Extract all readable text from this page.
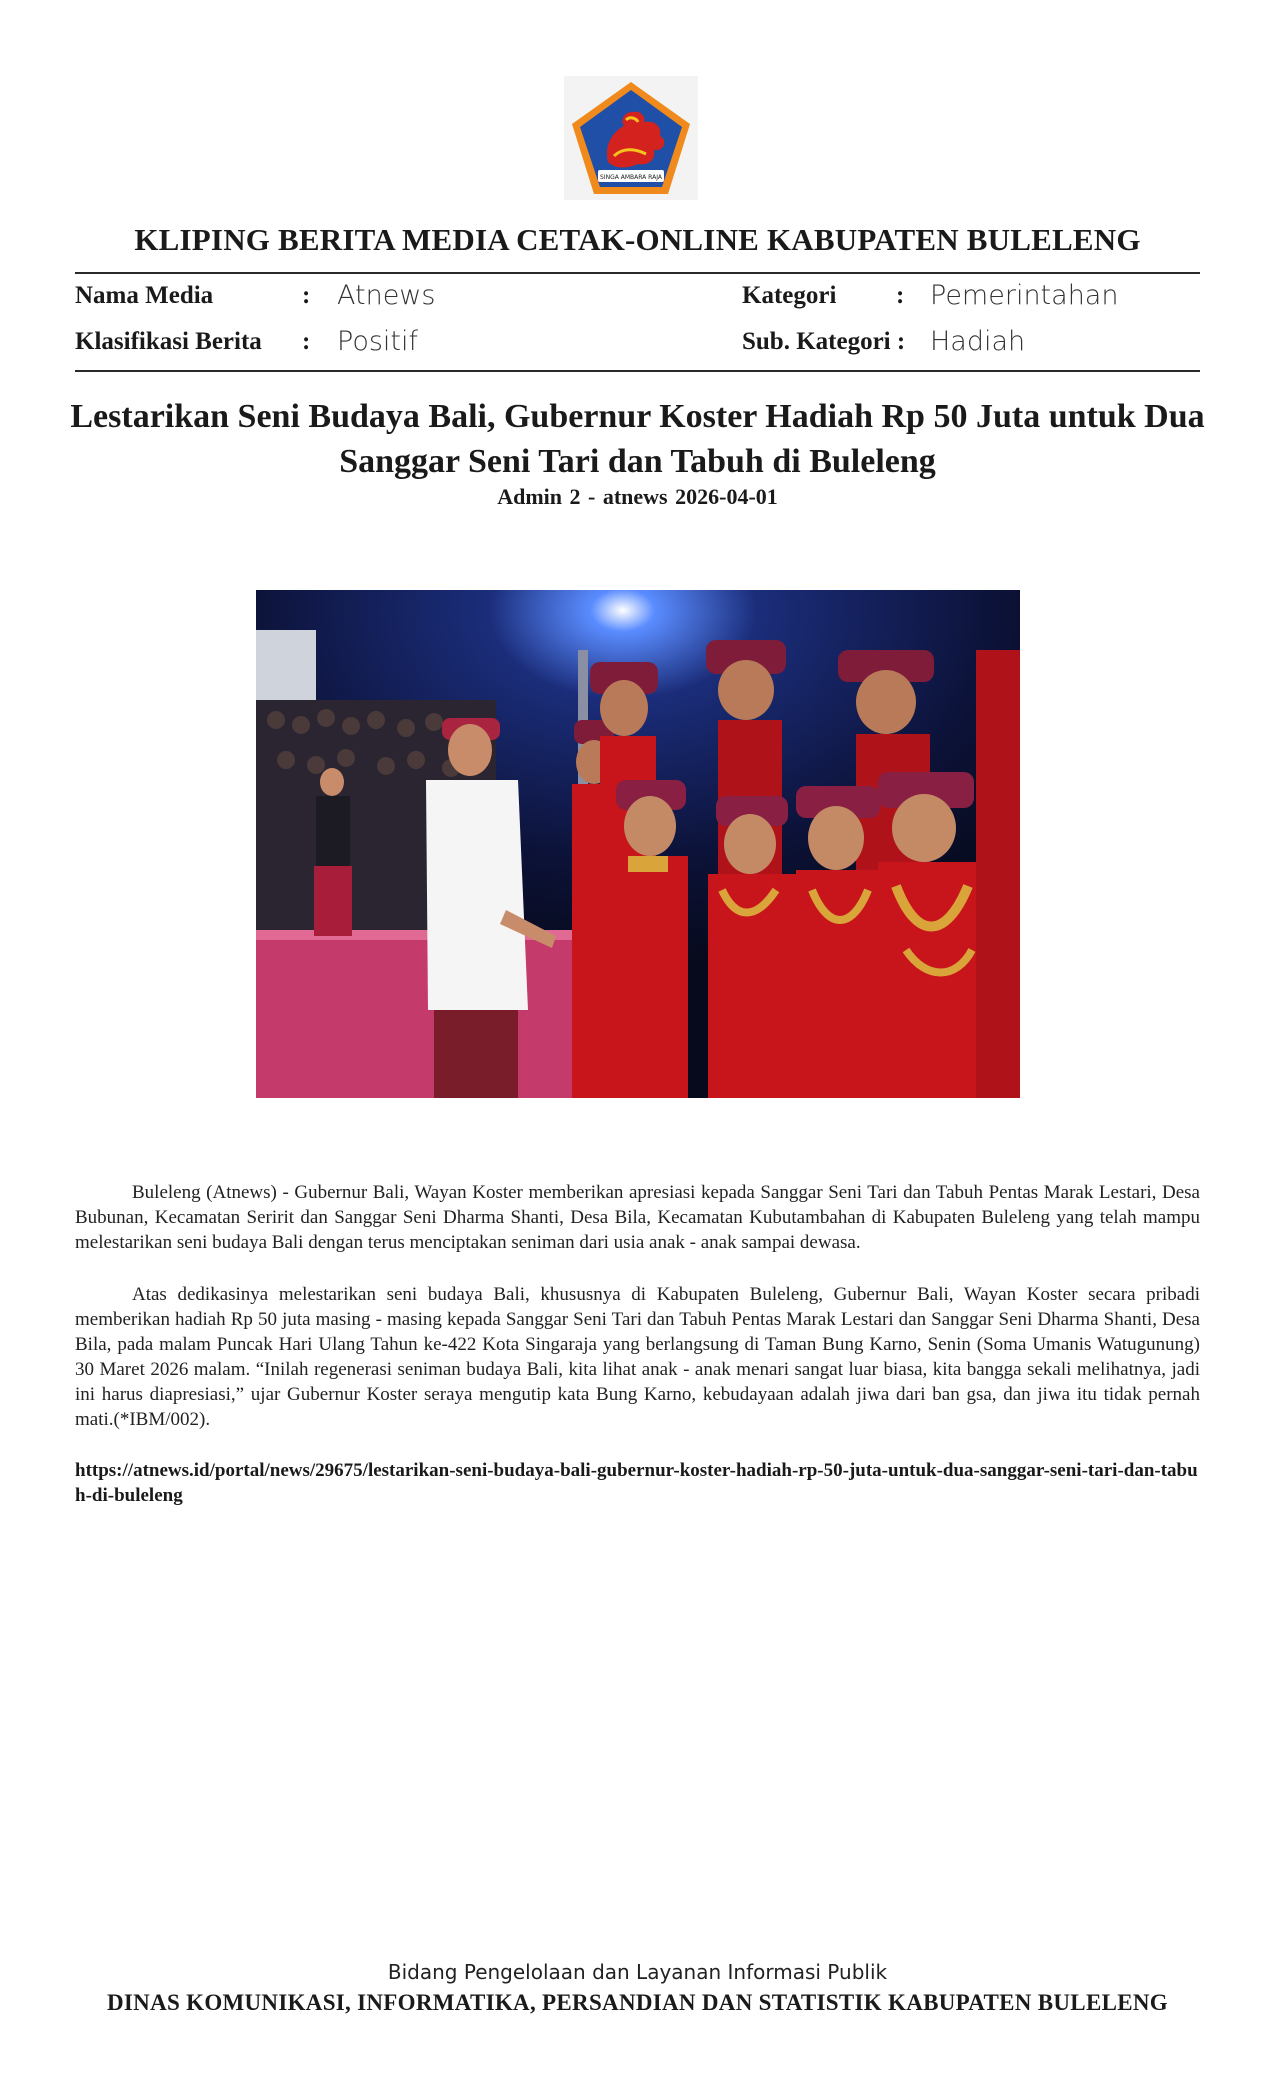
SINGA AMBARA RAJA
KLIPING BERITA MEDIA CETAK-ONLINE KABUPATEN BULELENG
Nama Media	: Atnews
Klasifikasi Berita : Positif
Kategori : Pemerintahan
Sub. Kategori : Hadiah
Lestarikan Seni Budaya Bali, Gubernur Koster Hadiah Rp 50 Juta untuk Dua Sanggar Seni Tari dan Tabuh di Buleleng
Admin 2 - atnews 2026-04-01

Buleleng (Atnews) - Gubernur Bali, Wayan Koster memberikan apresiasi kepada Sanggar Seni Tari dan Tabuh Pentas Marak Lestari, Desa Bubunan, Kecamatan Seririt dan Sanggar Seni Dharma Shanti, Desa Bila, Kecamatan Kubutambahan di Kabupaten Buleleng yang telah mampu melestarikan seni budaya Bali dengan terus menciptakan seniman dari usia anak - anak sampai dewasa.

Atas dedikasinya melestarikan seni budaya Bali, khususnya di Kabupaten Buleleng, Gubernur Bali, Wayan Koster secara pribadi memberikan hadiah Rp 50 juta masing - masing kepada Sanggar Seni Tari dan Tabuh Pentas Marak Lestari dan Sanggar Seni Dharma Shanti, Desa Bila, pada malam Puncak Hari Ulang Tahun ke-422 Kota Singaraja yang berlangsung di Taman Bung Karno, Senin (Soma Umanis Watugunung) 30 Maret 2026 malam. “Inilah regenerasi seniman budaya Bali, kita lihat anak - anak menari sangat luar biasa, kita bangga sekali melihatnya, jadi ini harus diapresiasi,” ujar Gubernur Koster seraya mengutip kata Bung Karno, kebudayaan adalah jiwa dari ban gsa, dan jiwa itu tidak pernah mati.(*IBM/002).

https://atnews.id/portal/news/29675/lestarikan-seni-budaya-bali-gubernur-koster-hadiah-rp-50-juta-untuk-dua-sanggar-seni-tari-dan-tabuh-di-buleleng

Bidang Pengelolaan dan Layanan Informasi Publik
DINAS KOMUNIKASI, INFORMATIKA, PERSANDIAN DAN STATISTIK KABUPATEN BULELENG
